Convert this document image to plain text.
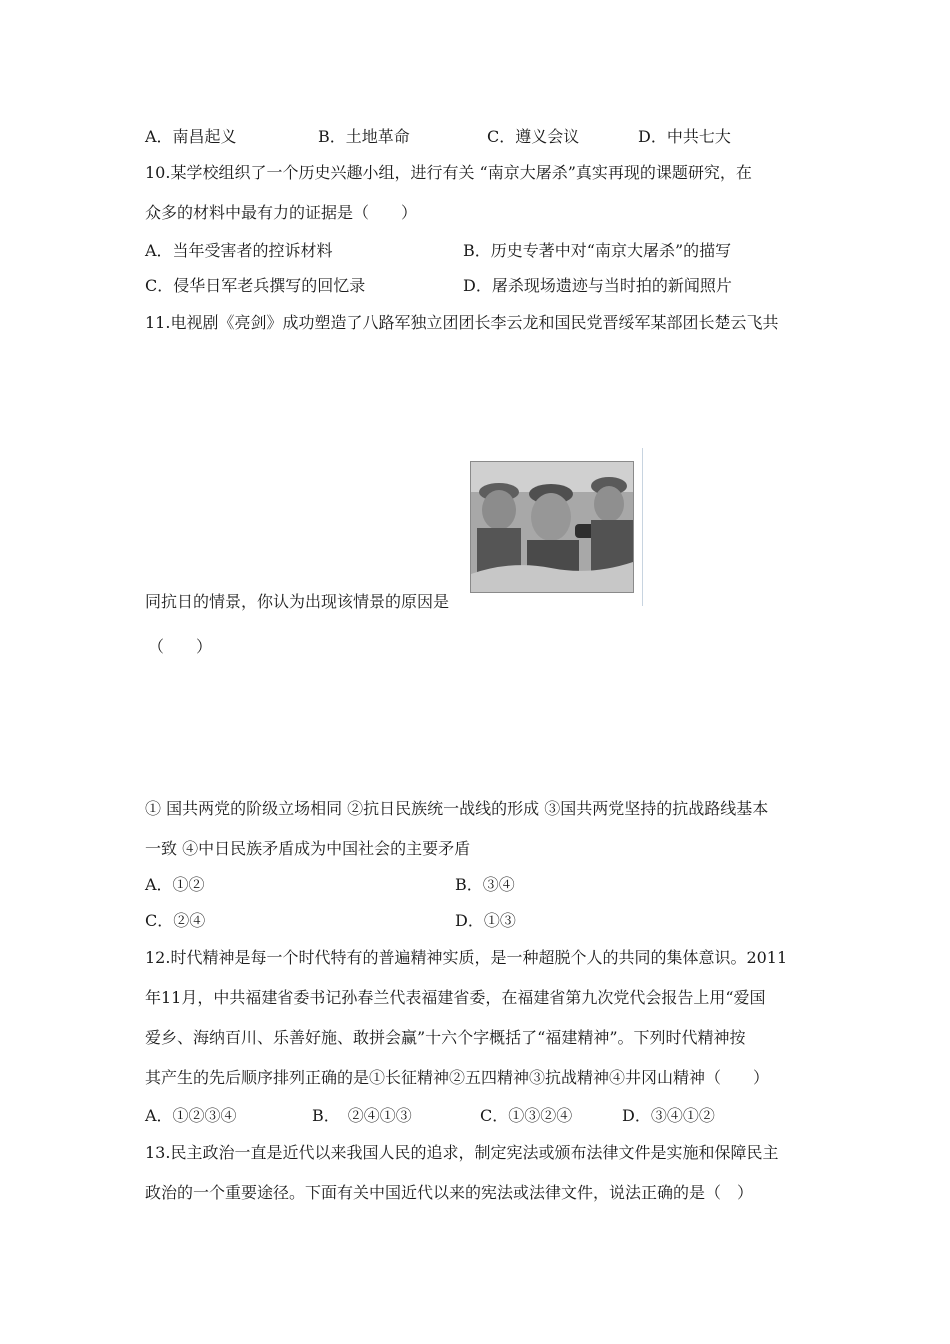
A．南昌起义	B．土地革命	C．遵义会议	D．中共七大
10.某学校组织了一个历史兴趣小组，进行有关 “南京大屠杀”真实再现的课题研究，在
众多的材料中最有力的证据是（　　）
A．当年受害者的控诉材料	B．历史专著中对“南京大屠杀”的描写
C．侵华日军老兵撰写的回忆录	D．屠杀现场遗迹与当时拍的新闻照片
11.电视剧《亮剑》成功塑造了八路军独立团团长李云龙和国民党晋绥军某部团长楚云飞共
同抗日的情景，你认为出现该情景的原因是
（　　）
① 国共两党的阶级立场相同 ②抗日民族统一战线的形成 ③国共两党坚持的抗战路线基本
一致 ④中日民族矛盾成为中国社会的主要矛盾
A．①②	B．③④
C．②④	D．①③
12.时代精神是每一个时代特有的普遍精神实质，是一种超脱个人的共同的集体意识。2011
年11月，中共福建省委书记孙春兰代表福建省委，在福建省第九次党代会报告上用“爱国
爱乡、海纳百川、乐善好施、敢拼会赢”十六个字概括了“福建精神”。下列时代精神按
其产生的先后顺序排列正确的是①长征精神②五四精神③抗战精神④井冈山精神（　　）
A．①②③④	B．　②④①③	C．①③②④	D．③④①②
13.民主政治一直是近代以来我国人民的追求，制定宪法或颁布法律文件是实施和保障民主
政治的一个重要途径。下面有关中国近代以来的宪法或法律文件，说法正确的是（　）
